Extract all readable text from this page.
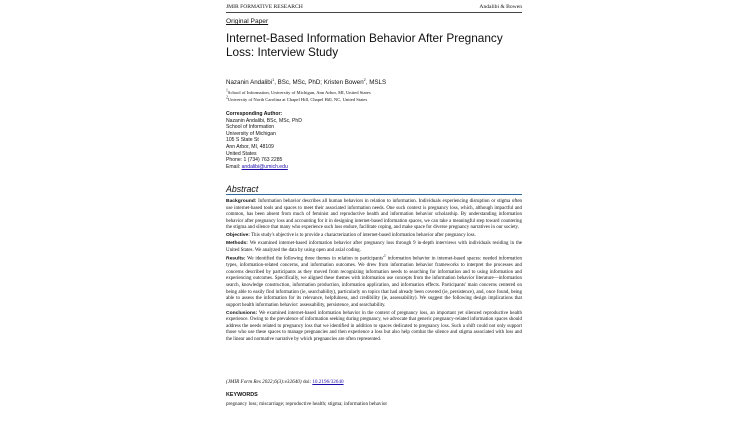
JMIR FORMATIVE RESEARCH	Andalibi & Bowen
Original Paper
Internet-Based Information Behavior After Pregnancy Loss: Interview Study
Nazanin Andalibi$^1$, BSc, MSc, PhD; Kristen Bowen$^2$, MSLS
$^1$School of Information, University of Michigan, Ann Arbor, MI, United States
$^2$University of North Carolina at Chapel Hill, Chapel Hill, NC, United States
Corresponding Author:
Nazanin Andalibi, BSc, MSc, PhD
School of Information
University of Michigan
105 S State St
Ann Arbor, MI, 48109
United States
Phone: 1 (734) 763 2285
Email: andalibi@umich.edu
Abstract

Background: Information behavior describes all human behaviors in relation to information. Individuals experiencing disruption or stigma often use internet-based tools and spaces to meet their associated information needs. One such context is pregnancy loss, which, although impactful and common, has been absent from much of feminist and reproductive health and information behavior scholarship. By understanding information behavior after pregnancy loss and accounting for it in designing internet-based information spaces, we can take a meaningful step toward countering the stigma and silence that many who experience such loss endure, facilitate coping, and make space for diverse pregnancy narratives in our society.

Objective: This study's objective is to provide a characterization of internet-based information behavior after pregnancy loss.

Methods: We examined internet-based information behavior after pregnancy loss through 9 in-depth interviews with individuals residing in the United States. We analyzed the data by using open and axial coding.

Results: We identified the following three themes in relation to $participants'^1$ information behavior in internet-based spaces: needed information types, information-related concerns, and information outcomes. We drew from information behavior frameworks to interpret the processes and concerns described by participants as they moved from recognizing information needs to searching for information and to using information and experiencing outcomes. Specifically, we aligned these themes with information use concepts from the information behavior literature—information search, knowledge construction, information production, information application, and information effects. Participants' main concerns centered on being able to easily find information (ie, searchability), particularly on topics that had already been covered (ie, persistence), and, once found, being able to assess the information for its relevance, helpfulness, and credibility (ie, assessability). We suggest the following design implications that support health information behavior: assessability, persistence, and searchability.

Conclusions: We examined internet-based information behavior in the context of pregnancy loss, an important yet silenced reproductive health experience. Owing to the prevalence of information seeking during pregnancy, we advocate that generic pregnancy-related information spaces should address the needs related to pregnancy loss that we identified in addition to spaces dedicated to pregnancy loss. Such a shift could not only support those who use these spaces to manage pregnancies and then experience a loss but also help combat the silence and stigma associated with loss and the linear and normative narrative by which pregnancies are often represented.

(JMIR Form Res 2022;6(3):e32640) doi: 10.2196/32640
KEYWORDS
pregnancy loss; miscarriage; reproductive health; stigma; information behavior
